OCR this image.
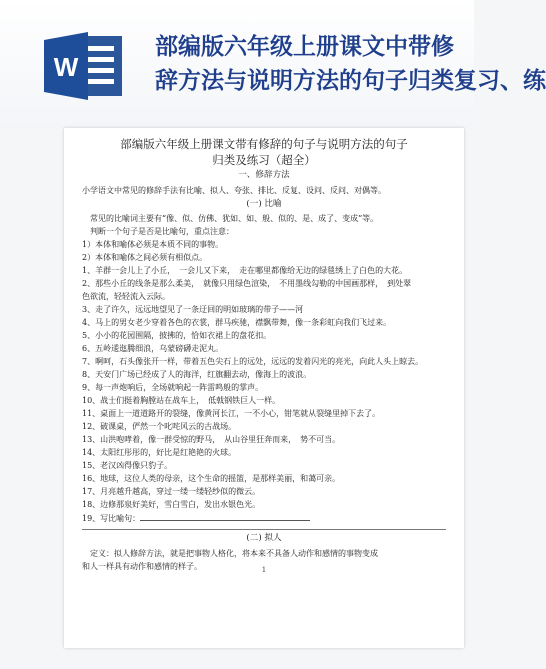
W
部编版六年级上册课文中带修
辞方法与说明方法的句子归类复习、练

部编版六年级上册课文带有修辞的句子与说明方法的句子
归类及练习（超全）
一、修辞方法
小学语文中常见的修辞手法有比喻、拟人、夸张、排比、反复、设问、反问、对偶等。
(一) 比喻
常见的比喻词主要有“像、似、仿佛、犹如、如、般、似的、是、成了、变成”等。
判断一个句子是否是比喻句，重点注意：
1）本体和喻体必须是本质不同的事物。
2）本体和喻体之间必须有相似点。
1、羊群一会儿上了小丘，　一会儿又下来，　走在哪里都像给无边的绿毯绣上了白色的大花。
2、那些小丘的线条是那么柔美，　就像只用绿色渲染，　不用墨线勾勒的中国画那样，　到处翠
色欲流，轻轻流入云际。
3、走了许久，远远地望见了一条迂回的明如玻璃的带子——河
4、马上的男女老少穿着各色的衣裳，群马疾驰，襟飘带舞，像一条彩虹向我们飞过来。
5、小小的花园围隔，披拂的，恰如衣裙上的盘花扣。
6、五岭逶迤腾细浪，乌蒙磅礴走泥丸。
7、啊呵，石头像张开一样，带着五色尖石上的远处，远远的发着闪光的亮光，向此人头上晾去。
8、天安门广场已经成了人的海洋，红旗翻去动，像海上的波浪。
9、每一声炮响后，全场就响起一阵雷鸣般的掌声。
10、战士们挺着胸膛站在战车上，　低戟钢铁巨人一样。
11、桌面上一道道路开的裂缝，像黄河长江，一不小心，钳笔就从裂缝里掉下去了。
12、破课桌，俨然一个叱咤风云的古战场。
13、山洪咆哮着，像一群受惊的野马，　从山谷里狂奔而来，　势不可当。
14、太阳红彤彤的，好比是红艳艳的火球。
15、老汉凶得像只豹子。
16、地球，这位人类的母亲，这个生命的摇篮，是那样美丽，和蔼可亲。
17、月亮越升越高，穿过一缕一缕轻纱似的微云。
18、边修那泉好美好，雪白雪白，发出水银色光。
19、写比喻句：
(二) 拟人
定义：拟人修辞方法，就是把事物人格化，将本来不具备人动作和感情的事物变成
和人一样具有动作和感情的样子。	1
